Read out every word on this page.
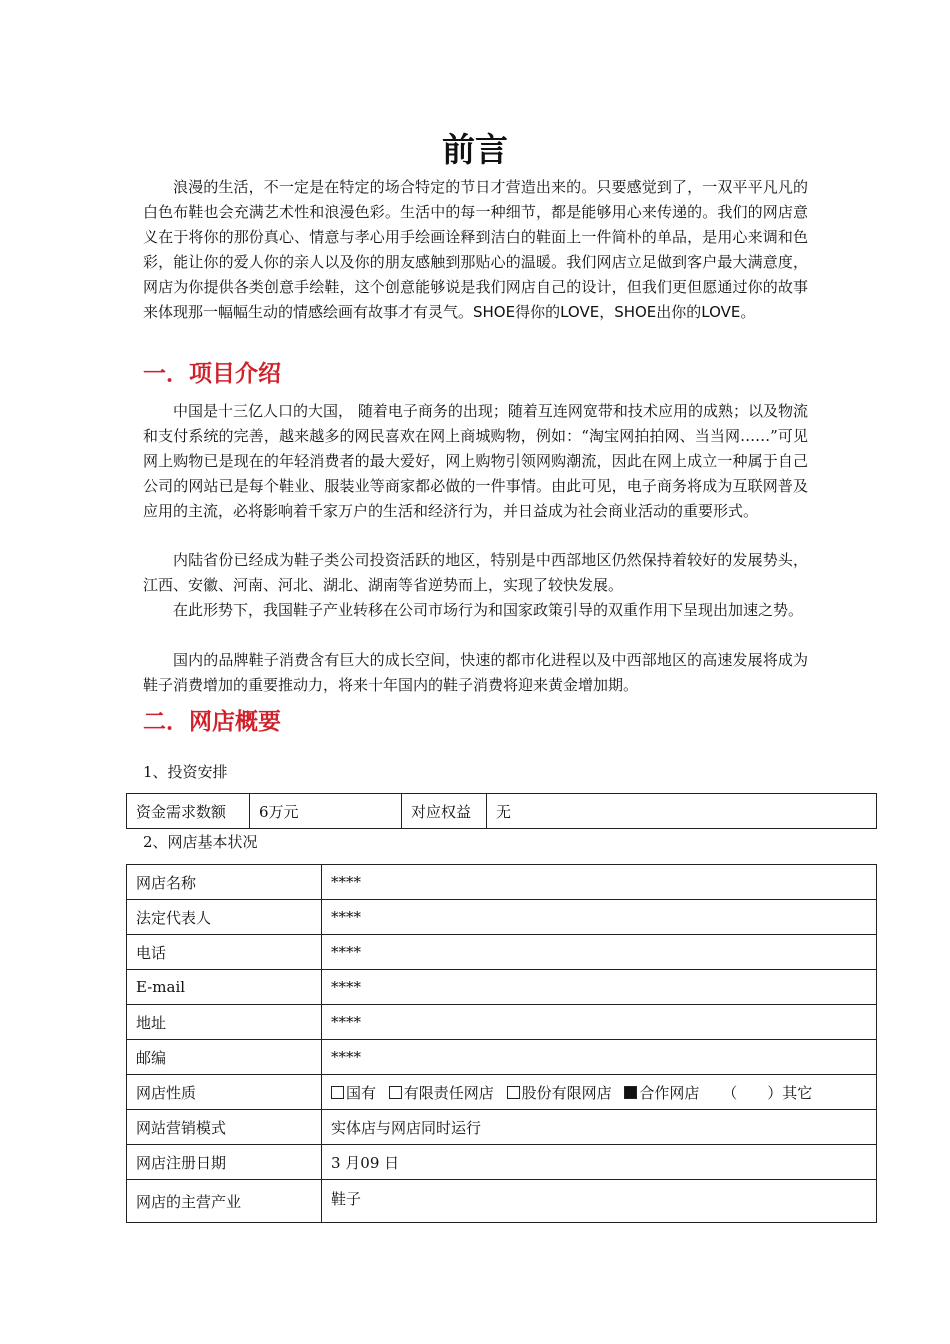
前言

浪漫的生活，不一定是在特定的场合特定的节日才营造出来的。只要感觉到了，一双平平凡凡的白色布鞋也会充满艺术性和浪漫色彩。生活中的每一种细节，都是能够用心来传递的。我们的网店意义在于将你的那份真心、情意与孝心用手绘画诠释到洁白的鞋面上一件简朴的单品，是用心来调和色彩，能让你的爱人你的亲人以及你的朋友感触到那贴心的温暖。我们网店立足做到客户最大满意度，网店为你提供各类创意手绘鞋，这个创意能够说是我们网店自己的设计，但我们更但愿通过你的故事来体现那一幅幅生动的情感绘画有故事才有灵气。SHOE得你的LOVE，SHOE出你的LOVE。

一．项目介绍

中国是十三亿人口的大国， 随着电子商务的出现；随着互连网宽带和技术应用的成熟；以及物流和支付系统的完善，越来越多的网民喜欢在网上商城购物，例如：“淘宝网拍拍网、当当网……”可见网上购物已是现在的年轻消费者的最大爱好，网上购物引领网购潮流，因此在网上成立一种属于自己公司的网站已是每个鞋业、服装业等商家都必做的一件事情。由此可见，电子商务将成为互联网普及应用的主流，必将影响着千家万户的生活和经济行为，并日益成为社会商业活动的重要形式。

内陆省份已经成为鞋子类公司投资活跃的地区，特别是中西部地区仍然保持着较好的发展势头，江西、安徽、河南、河北、湖北、湖南等省逆势而上，实现了较快发展。

在此形势下，我国鞋子产业转移在公司市场行为和国家政策引导的双重作用下呈现出加速之势。

国内的品牌鞋子消费含有巨大的成长空间，快速的都市化进程以及中西部地区的高速发展将成为鞋子消费增加的重要推动力，将来十年国内的鞋子消费将迎来黄金增加期。

二．网店概要
1、投资安排
资金需求数额	6万元	对应权益	无
2、网店基本状况
网店名称	****
法定代表人	****
电话	****
E-mail	****
地址	****
邮编	****
网店性质	国有 有限责任网店 股份有限网店 合作网店 （　　）其它
网站营销模式	实体店与网店同时运行
网店注册日期	3 月09 日
网店的主营产业	鞋子
